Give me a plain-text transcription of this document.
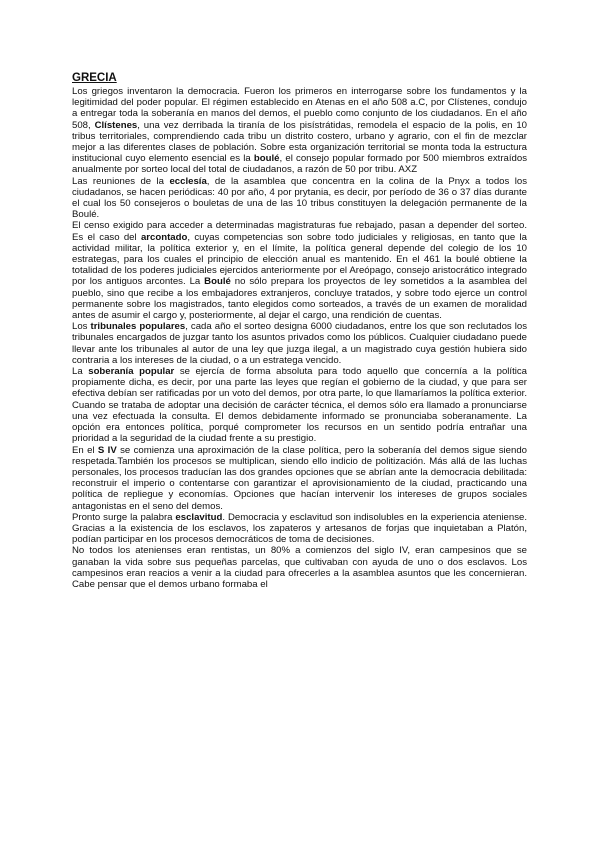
GRECIA

Los griegos inventaron la democracia. Fueron los primeros en interrogarse sobre los fundamentos y la legitimidad del poder popular. El régimen establecido en Atenas en el año 508 a.C, por Clístenes, condujo a entregar toda la soberanía en manos del demos, el pueblo como conjunto de los ciudadanos. En el año 508, Clístenes, una vez derribada la tiranía de los pisístrátidas, remodela el espacio de la polis, en 10 tribus territoriales, comprendiendo cada tribu un distrito costero, urbano y agrario, con el fin de mezclar mejor a las diferentes clases de población. Sobre esta organización territorial se monta toda la estructura institucional cuyo elemento esencial es la boulé, el consejo popular formado por 500 miembros extraídos anualmente por sorteo local del total de ciudadanos, a razón de 50 por tribu. AXZ

Las reuniones de la ecclesía, de la asamblea que concentra en la colina de la Pnyx a todos los ciudadanos, se hacen periódicas: 40 por año, 4 por prytania, es decir, por período de 36 o 37 días durante el cual los 50 consejeros o bouletas de una de las 10 tribus constituyen la delegación permanente de la Boulé.

El censo exigido para acceder a determinadas magistraturas fue rebajado, pasan a depender del sorteo. Es el caso del arcontado, cuyas competencias son sobre todo judiciales y religiosas, en tanto que la actividad militar, la política exterior y, en el límite, la política general depende del colegio de los 10 estrategas, para los cuales el principio de elección anual es mantenido. En el 461 la boulé obtiene la totalidad de los poderes judiciales ejercidos anteriormente por el Areópago, consejo aristocrático integrado por los antiguos arcontes. La Boulé no sólo prepara los proyectos de ley sometidos a la asamblea del pueblo, sino que recibe a los embajadores extranjeros, concluye tratados, y sobre todo ejerce un control permanente sobre los magistrados, tanto elegidos como sorteados, a través de un examen de moralidad antes de asumir el cargo y, posteriormente, al dejar el cargo, una rendición de cuentas.

Los tribunales populares, cada año el sorteo designa 6000 ciudadanos, entre los que son reclutados los tribunales encargados de juzgar tanto los asuntos privados como los públicos. Cualquier ciudadano puede llevar ante los tribunales al autor de una ley que juzga ilegal, a un magistrado cuya gestión hubiera sido contraria a los intereses de la ciudad, o a un estratega vencido.

La soberanía popular se ejercía de forma absoluta para todo aquello que concernía a la política propiamente dicha, es decir, por una parte las leyes que regían el gobierno de la ciudad, y que para ser efectiva debían ser ratificadas por un voto del demos, por otra parte, lo que llamaríamos la política exterior. Cuando se trataba de adoptar una decisión de carácter técnica, el demos sólo era llamado a pronunciarse una vez efectuada la consulta. El demos debidamente informado se pronunciaba soberanamente. La opción era entonces política, porqué comprometer los recursos en un sentido podría entrañar una prioridad a la seguridad de la ciudad frente a su prestigio.

En el S IV se comienza una aproximación de la clase política, pero la soberanía del demos sigue siendo respetada.También los procesos se multiplican, siendo ello indicio de politización. Más allá de las luchas personales, los procesos traducían las dos grandes opciones que se abrían ante la democracia debilitada: reconstruir el imperio o contentarse con garantizar el aprovisionamiento de la ciudad, practicando una política de repliegue y economías. Opciones que hacían intervenir los intereses de grupos sociales antagonistas en el seno del demos.

Pronto surge la palabra esclavitud. Democracia y esclavitud son indisolubles en la experiencia ateniense. Gracias a la existencia de los esclavos, los zapateros y artesanos de forjas que inquietaban a Platón, podían participar en los procesos democráticos de toma de decisiones.

No todos los atenienses eran rentistas, un 80% a comienzos del siglo IV, eran campesinos que se ganaban la vida sobre sus pequeñas parcelas, que cultivaban con ayuda de uno o dos esclavos. Los campesinos eran reacios a venir a la ciudad para ofrecerles a la asamblea asuntos que les concernieran. Cabe pensar que el demos urbano formaba el
